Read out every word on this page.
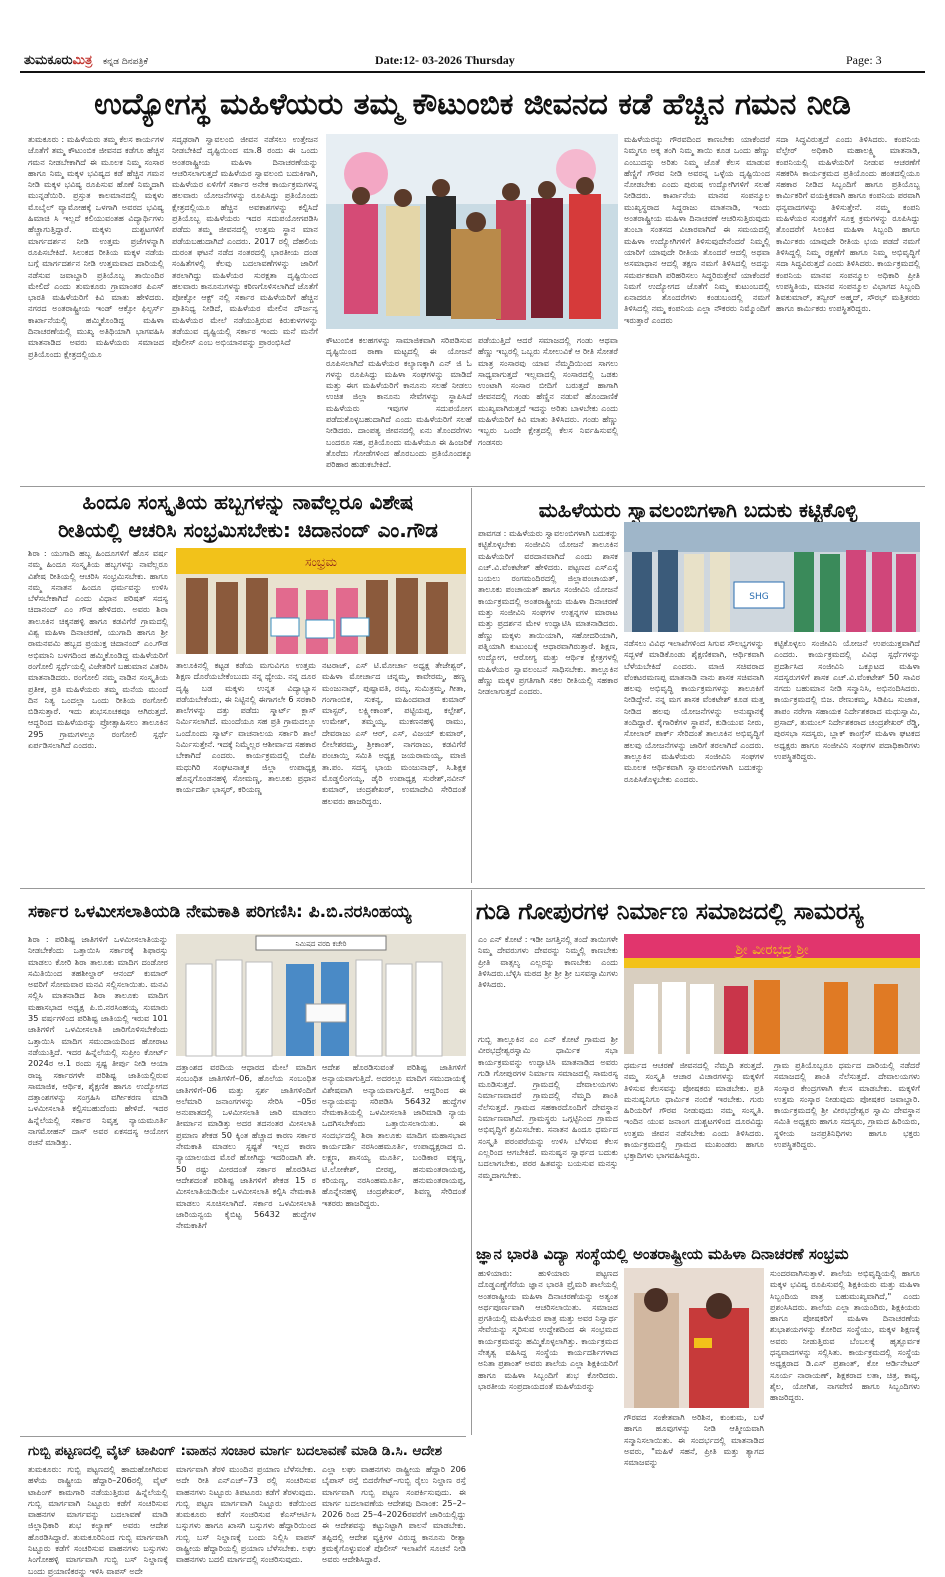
ತುಮಕೂರುಮಿತ್ರ ಕನ್ನಡ ದಿನಪತ್ರಿಕೆ	Date:12- 03-2026 Thursday	Page: 3
ಉದ್ಯೋಗಸ್ಥ ಮಹಿಳೆಯರು ತಮ್ಮ ಕೌಟುಂಬಿಕ ಜೀವನದ ಕಡೆ ಹೆಚ್ಚಿನ ಗಮನ ನೀಡಿ

ತುಮಕೂರು : ಮಹಿಳೆಯರು ತಮ್ಮ ಕೆಲಸ ಕಾರ್ಯಗಳ ಜೊತೆಗೆ ತಮ್ಮ ಕೌಟುಂಬಿಕ ಜೀವನದ ಕಡೆಗೂ ಹೆಚ್ಚಿನ ಗಮನ ನೀಡಬೇಕಾಗಿದೆ ಈ ಮೂಲಕ ನಿಮ್ಮ ಸಂಸಾರ ಹಾಗೂ ನಿಮ್ಮ ಮಕ್ಕಳ ಭವಿಷ್ಯದ ಕಡೆ ಹೆಚ್ಚಿನ ಗಮನ ನೀಡಿ ಮಕ್ಕಳ ಭವಿಷ್ಯ ರೂಪಿಸುವ ಹೊಣೆ ನಿಮ್ಮದಾಗಿ ಮುನ್ನಡೆಯಿರಿ. ಪ್ರಸ್ತುತ ಕಾಲಮಾನದಲ್ಲಿ ಮಕ್ಕಳು ಮೊಬೈಲ್ ವ್ಯಾಮೋಹಕ್ಕೆ ಒಳಗಾಗಿ ಅವರದ ಭವಿಷ್ಯ ಹಿಮಾಚಿ ಸಿ ಇಲ್ಲದೆ ಕಲಿಯುವಂತಹ ವಿದ್ಯಾರ್ಥಿಗಳು ಹೆಚ್ಚಾಗುತ್ತಿದ್ದಾರೆ. ಮಕ್ಕಳು ದುಶ್ಚಟಗಳಿಗೆ ಮಾರ್ಗದರ್ಶನ ನೀಡಿ ಉತ್ತಮ ಪ್ರಜೆಗಳನ್ನಾಗಿ ರೂಪಿಸಬೇಕಿದೆ. ಸಿಲುಕದ ರೀತಿಯ ಮಕ್ಕಳ ನಡೆಯ ಬಗ್ಗೆ ಮಾರ್ಗದರ್ಶನ ನೀಡಿ ಉತ್ತಮವಾದ ದಾರಿಯಲ್ಲಿ ನಡೆಸುವ ಜವಾಬ್ದಾರಿ ಪ್ರತಿಯೊಬ್ಬ ತಾಯಿಂದಿರ ಮೇಲಿದೆ ಎಂದು ತುಮಕೂರು ಗ್ರಾಮಾಂತರ ಪಿಎಸ್ ಭಾರತಿ ಮಹಿಳೆಯರಿಗೆ ಕಿವಿ ಮಾತು ಹೇಳಿದರು. ನಗರದ ಅಂತರಾಷ್ಟ್ರೀಯ ಇಂಡ್ ಆಕ್ಸೋ ಫಿಲ್ಟರ್ಸ್ ಕಾರ್ಖಾನೆಯಲ್ಲಿ ಹಮ್ಮಿಕೊಂಡಿದ್ದ ಮಹಿಳಾ ದಿನಾಚರಣೆಯಲ್ಲಿ ಮುಖ್ಯ ಅತಿಥಿಯಾಗಿ ಭಾಗವಹಿಸಿ ಮಾತನಾಡಿದ ಅವರು ಮಹಿಳೆಯರು ಸಮಾಜದ ಪ್ರತಿಯೊಂದು ಕ್ಷೇತ್ರದಲ್ಲಿಯೂ

ಸದೃಢರಾಗಿ ಸ್ವಾವಲಂಬಿ ಜೀವನ ನಡೆಸಲು ಉತ್ತೇಜನ ನೀಡಬೇಕಿದೆ ದೃಷ್ಟಿಯಿಂದ ಮಾ.8 ರಂದು ಈ ಒಂದು ಅಂತರಾಷ್ಟ್ರೀಯ ಮಹಿಳಾ ದಿನಾಚರಣೆಯನ್ನು ಆಚರಿಸಲಾಗುತ್ತದೆ ಮಹಿಳೆಯರ ಸ್ವಾವಲಂಬಿ ಬದುಕಿಗಾಗಿ, ಮಹಿಳೆಯರ ಏಳಿಗೆಗೆ ಸರ್ಕಾರ ಅನೇಕ ಕಾರ್ಯಕ್ರಮಗಳನ್ನ ಹಲವಾರು ಯೋಜನೆಗಳನ್ನು ರೂಪಿಸಿದ್ದು ಪ್ರತಿಯೊಂದು ಕ್ಷೇತ್ರದಲ್ಲಿಯೂ ಹೆಚ್ಚಿನ ಅವಕಾಶಗಳನ್ನು ಕಲ್ಪಿಸಿದೆ ಪ್ರತಿಯೊಬ್ಬ ಮಹಿಳೆಯರು ಇದರ ಸದುಪಯೋಗಪಡಿಸಿ ಪಡೆದು ತಮ್ಮ ಜೀವನದಲ್ಲಿ ಉತ್ತಮ ಸ್ಥಾನ ಮಾನ ಪಡೆಯಬಹುದಾಗಿದೆ ಎಂದರು. 2017 ರಲ್ಲಿ ದೆಹಲಿಯ ದುರಂತ ಘಟನೆ ನಡೆದ ನಂತರದಲ್ಲಿ ಭಾರತೀಯ ದಂಡ ಸಂಹಿತೆಗಳಲ್ಲಿ ಕೆಲವು ಬದಲಾವಣೆಗಳನ್ನು ಜಾರಿಗೆ ತರಲಾಗಿದ್ದು ಮಹಿಳೆಯರ ಸುರಕ್ಷತಾ ದೃಷ್ಟಿಯಿಂದ ಹಲವಾರು ಕಾನೂನುಗಳನ್ನು ಕಠಿಣಗೊಳಿಸಲಾಗಿದೆ ಜೊತೆಗೆ ಪೋಕ್ಸೋ ಆಕ್ಟ್ ನಲ್ಲಿ ಸರ್ಕಾರ ಮಹಿಳೆಯರಿಗೆ ಹೆಚ್ಚಿನ ಪ್ರಾತಿನಿಧ್ಯ ನೀಡಿದೆ, ಮಹಿಳೆಯರ ಮೇಲಿನ ದೌರ್ಜನ್ಯ ಮಹಿಳೆಯರ ಮೇಲೆ ನಡೆಯುತ್ತಿರುವ ಕಿರುಕುಳಗಳನ್ನು ತಡೆಯುವ ದೃಷ್ಟಿಯಲ್ಲಿ ಸರ್ಕಾರ ಇಂದು ಮನೆ ಮನೆಗೆ ಪೊಲೀಸ್ ಎಂಬ ಅಭಿಯಾನವನ್ನು ಪ್ರಾರಂಭಿಸಿದೆ	ಕೌಟುಂಬಿಕ ಕಲಹಗಳನ್ನು ಸಾಮಾಜಿಕವಾಗಿ ಸರಿಪಡಿಸುವ ದೃಷ್ಟಿಯಿಂದ ಠಾಣಾ ಮಟ್ಟದಲ್ಲಿ ಈ ಯೋಜನೆ ರೂಪಿಸಲಾಗಿದೆ ಮಹಿಳೆಯರ ಕಲ್ಯಾಣಕ್ಕಾಗಿ ಎನ್ ಜಿ ಓ ಗಳನ್ನು ರೂಪಿಸಿದ್ದು ಮಹಿಳಾ ಸಂಘಗಳನ್ನು ಮಾಡಿದೆ ಮತ್ತು ಈಗ ಮಹಿಳೆಯರಿಗೆ ಕಾನೂನು ಸಲಹೆ ನೀಡಲು ಉಚಿತ ಜಿಲ್ಲಾ ಕಾನೂನು ಸೇವೆಗಳನ್ನು ಸ್ಥಾಪಿಸಿದೆ ಮಹಿಳೆಯರು ಇವುಗಳ ಸದುಪಯೋಗ ಪಡೆದುಕೊಳ್ಳಬಹುದಾಗಿದೆ ಎಂದು ಮಹಿಳೆಯರಿಗೆ ಸಲಹೆ ನೀಡಿದರು. ದಾಂಪತ್ಯ ಜೀವನದಲ್ಲಿ ಏನು ತೊಂದರೆಗಳು ಬಂದರೂ ಸಹ, ಪ್ರತಿಯೊಂದು ಮಹಿಳೆಯೂ ಈ ಹಿಂಜರಿಕೆ ತೊರೆದು ಗೋಡೆಗಳಿಂದ ಹೊರಬಂದು ಪ್ರತಿಯೊಂದಕ್ಕೂ ಪರಿಹಾರ ಹುಡುಕಬೇಕಿದೆ.

ಪಡೆಯುತ್ತಿದೆ ಆದರೆ ಸಮಾಜದಲ್ಲಿ ಗಂಡು ಆಥವಾ ಹೆಣ್ಣು ಇಬ್ಬರಲ್ಲಿ ಒಬ್ಬರು ಸೋಲುವಿಕೆ ಆ ರೀತಿ ಸೋತರೆ ಮಾತ್ರ ಸಂಸಾರವು ಯಾವ ನೆಮ್ಮದಿಯಿಂದ ಸಾಗಲು ಸಾಧ್ಯವಾಗುತ್ತದೆ ಇಲ್ಲವಾದಲ್ಲಿ ಸಂಸಾರದಲ್ಲಿ ಒಡಕು ಉಂಟಾಗಿ ಸಂಸಾರ ಬೀದಿಗೆ ಬರುತ್ತದೆ ಹಾಗಾಗಿ ಜೀವನದಲ್ಲಿ ಗಂಡು ಹೆಣ್ಣಿನ ನಡುವೆ ಹೊಂದಾಣಿಕೆ ಮುಖ್ಯವಾಗಿರುತ್ತದೆ ಇದನ್ನು ಅರಿತು ಬಾಳಬೇಕು ಎಂದು ಮಹಿಳೆಯರಿಗೆ ಕಿವಿ ಮಾತು ತಿಳಿಸಿದರು. ಗಂಡು ಹೆಣ್ಣು ಇಬ್ಬರು ಒಂದೇ ಕ್ಷೇತ್ರದಲ್ಲಿ ಕೆಲಸ ನಿರ್ವಹಿಸುವಲ್ಲಿ ಗಂಡಸರು

ಮಹಿಳೆಯರನ್ನು ಗೌರವದಿಂದ ಕಾಣಬೇಕು ಯಾಕೆಂದರೆ ನಿಮ್ಮಗೂ ಅಕ್ಕ ತಂಗಿ ನಿಮ್ಮ ತಾಯಿ ಕೂಡ ಒಂದು ಹೆಣ್ಣು ಎಂಬುದನ್ನು ಅರಿತು ನಿಮ್ಮ ಜೊತೆ ಕೆಲಸ ಮಾಡುವ ಹೆಣ್ಣಿಗೆ ಗೌರವ ನೀಡಿ ಅವರನ್ನ ಒಳ್ಳೆಯ ದೃಷ್ಟಿಯಿಂದ ನೋಡಬೇಕು ಎಂದು ಪುರುಷ ಉದ್ಯೋಗಿಗಳಿಗೆ ಸಲಹೆ ನೀಡಿದರು. ಕಾರ್ಖಾನೆಯ ಮಾನವ ಸಂಪನ್ಮೂಲ ಮುಖ್ಯಸ್ಥರಾದ ಸಿದ್ದರಾಜು ಮಾತನಾಡಿ, ಇಂದು ಅಂತರಾಷ್ಟ್ರೀಯ ಮಹಿಳಾ ದಿನಾಚರಣೆ ಆಚರಿಸುತ್ತಿರುವುದು ತುಂಬಾ ಸಂತಸದ ವಿಚಾರವಾಗಿದೆ ಈ ಸಮಯದಲ್ಲಿ ಮಹಿಳಾ ಉದ್ಯೋಗಿಗಳಿಗೆ ತಿಳಿಸುವುದೇನೆಂದರೆ ನಿಮ್ಮಲ್ಲಿ ಯಾರಿಗೆ ಯಾವುದೇ ರೀತಿಯ ತೊಂದರೆ ಆದಲ್ಲಿ ಅಥವಾ ಅಸಮಾಧಾನ ಆದಲ್ಲಿ ತಕ್ಷಣ ನಮಗೆ ತಿಳಿಸಿದಲ್ಲಿ ಅದನ್ನು ಸಮರ್ಪಕವಾಗಿ ಪರಿಹರಿಸಲು ಸಿದ್ಧರಿರುತ್ತೇವೆ ಯಾಕೆಂದರೆ ನಿಮಗೆ ಉದ್ಯೋಗದ ಜೊತೆಗೆ ನಿಮ್ಮ ಕುಟುಂಬದಲ್ಲಿ ಏನಾದರೂ ತೊಂದರೆಗಳು ಕಂಡುಬಂದಲ್ಲಿ ನಮಗೆ ತಿಳಿಸಿದಲ್ಲಿ ನಮ್ಮ ಕಂಪನಿಯ ಎಲ್ಲಾ ನೌಕರರು ನಿಮ್ಮೊಂದಿಗೆ ಇರುತ್ತಾರೆ ಎಂದರು

ಸದಾ ಸಿದ್ಧವಿರುತ್ತದೆ ಎಂದು ತಿಳಿಸಿದರು. ಕಂಪನಿಯ ವೆಲ್ಫೇರ್ ಅಧಿಕಾರಿ ಮಹಾಲಕ್ಷ್ಮಿ ಮಾತನಾಡಿ, ಕಂಪನಿಯಲ್ಲಿ ಮಹಿಳೆಯರಿಗೆ ನೀಡುವ ಆಚರಣೆಗೆ ಸಹಕರಿಸಿ ಕಾರ್ಯಕ್ರಮದ ಪ್ರತಿಯೊಂದು ಹಂತದಲ್ಲಿಯೂ ಸಹಕಾರ ನೀಡಿದ ಸಿಬ್ಬಂದಿಗೆ ಹಾಗೂ ಪ್ರತಿಯೊಬ್ಬ ಕಾರ್ಮಿಕರಿಗೆ ವಯಕ್ತಿಕವಾಗಿ ಹಾಗೂ ಕಂಪನಿಯ ಪರವಾಗಿ ಧನ್ಯವಾದಗಳನ್ನು ತಿಳಿಸುತ್ತೇನೆ. ನಮ್ಮ ಕಂಪನಿ ಮಹಿಳೆಯರ ಸುರಕ್ಷತೆಗೆ ಸೂಕ್ತ ಕ್ರಮಗಳನ್ನು ರೂಪಿಸಿದ್ದು ತೊಂದರೆಗೆ ಸಿಲುಕಿದ ಮಹಿಳಾ ಸಿಬ್ಬಂದಿ ಹಾಗೂ ಕಾರ್ಮಿಕರು ಯಾವುದೇ ರೀತಿಯ ಭಯ ಪಡದೆ ನಮಗೆ ತಿಳಿಸಿದ್ದಲ್ಲಿ ನಿಮ್ಮ ರಕ್ಷಣೆಗೆ ಹಾಗೂ ನಿಮ್ಮ ಅಭಿವೃದ್ಧಿಗೆ ಸದಾ ಸಿದ್ಧವಿರುತ್ತದೆ ಎಂದು ತಿಳಿಸಿದರು. ಕಾರ್ಯಕ್ರಮದಲ್ಲಿ ಕಂಪನಿಯ ಮಾನವ ಸಂಪನ್ಮೂಲ ಅಧಿಕಾರಿ ಪ್ರೀತಿ ಉಪಸ್ಥಿತಿಯ, ಮಾನವ ಸಂಪನ್ಮೂಲ ವಿಭಾಗದ ಸಿಬ್ಬಂದಿ ಶಿವಕುಮಾರ್, ತನ್ವೀರ್ ಅಹ್ಮದ್, ಸೌರಭ್ ಮತ್ತಿತರರು ಹಾಗೂ ಕಾರ್ಮಿಕರು ಉಪಸ್ಥಿತರಿದ್ದರು.

ಹಿಂದೂ ಸಂಸ್ಕೃತಿಯ ಹಬ್ಬಗಳನ್ನು ನಾವೆಲ್ಲರೂ ವಿಶೇಷ
ರೀತಿಯಲ್ಲಿ ಆಚರಿಸಿ ಸಂಭ್ರಮಿಸಬೇಕು: ಚಿದಾನಂದ್ ಎಂ.ಗೌಡ

ಶಿರಾ : ಯುಗಾದಿ ಹಬ್ಬ ಹಿಂದೂಗಳಿಗೆ ಹೊಸ ವರ್ಷ ನಮ್ಮ ಹಿಂದೂ ಸಂಸ್ಕೃತಿಯ ಹಬ್ಬಗಳನ್ನು ನಾವೆಲ್ಲರೂ ವಿಶೇಷ ರೀತಿಯಲ್ಲಿ ಆಚರಿಸಿ ಸಂಭ್ರಮಿಸಬೇಕು. ಹಾಗೂ ನಮ್ಮ ಸನಾತನ ಹಿಂದೂ ಧರ್ಮವನ್ನು ಉಳಿಸಿ ಬೆಳೆಸಬೇಕಾಗಿದೆ ಎಂದು ವಿಧಾನ ಪರಿಷತ್ ಸದಸ್ಯ ಚಿದಾನಂದ್ ಎಂ ಗೌಡ ಹೇಳಿದರು. ಅವರು ಶಿರಾ ತಾಲೂಕಿನ ಚಿಕ್ಕನಹಳ್ಳಿ ಹಾಗೂ ಕಡವಿಗೆರೆ ಗ್ರಾಮದಲ್ಲಿ ವಿಶ್ವ ಮಹಿಳಾ ದಿನಾಚರಣೆ, ಯುಗಾದಿ ಹಾಗೂ ಶ್ರೀ ರಾಮನವಮಿ ಹಬ್ಬದ ಪ್ರಯುಕ್ತ ಚಿದಾನಂದ್ ಎಂ.ಗೌಡ ಅಭಿಮಾನಿ ಬಳಗದಿಂದ ಹಮ್ಮಿಕೊಂಡಿದ್ದ ಮಹಿಳೆಯರಿಗೆ ರಂಗೋಲಿ ಸ್ಪರ್ಧೆಯಲ್ಲಿ ವಿಜೇತರಿಗೆ ಬಹುಮಾನ ವಿತರಿಸಿ ಮಾತನಾಡಿದರು. ರಂಗೋಲಿ ನಮ್ಮ ನಾಡಿನ ಸಂಸ್ಕೃತಿಯ ಪ್ರತೀಕ, ಪ್ರತಿ ಮಹಿಳೆಯರು ತಮ್ಮ ಮನೆಯ ಮುಂದೆ ದಿನ ನಿತ್ಯ ಒಂದಲ್ಲಾ ಒಂದು ರೀತಿಯ ರಂಗೋಲಿ ಬಿಡಿಸುತ್ತಾರೆ. ಇದು ಶುಭಸೂಚಕವೂ ಆಗಿರುತ್ತದೆ. ಆದ್ದರಿಂದ ಮಹಿಳೆಯರನ್ನು ಪ್ರೋತ್ಸಾಹಿಸಲು ತಾಲೂಕಿನ 295 ಗ್ರಾಮಗಳಲ್ಲೂ ರಂಗೋಲಿ ಸ್ಪರ್ಧೆ ಏರ್ಪಡಿಸಲಾಗಿದೆ ಎಂದರು.

ಸಂಭ್ರಮ

ತಾಲೂಕಿನಲ್ಲಿ ಕಟ್ಟಡ ಕಡೆಯ ಮಗುವಿಗೂ ಉತ್ತಮ ಶಿಕ್ಷಣ ದೊರೆಯಬೇಕೆಂಬುದು ನನ್ನ ಧ್ಯೇಯ. ನನ್ನ ದೂರ ದೃಷ್ಟಿ ಬಡ ಮಕ್ಕಳು ಉನ್ನತ ವಿದ್ಯಾಭ್ಯಾಸ ಪಡೆಯಬೇಕೆಂದು, ಈ ನಿಟ್ಟಿನಲ್ಲಿ ಈಗಾಗಲೇ 6 ಸರಕಾರಿ ಶಾಲೆಗಳನ್ನು ದತ್ತು ಪಡೆದು ಸ್ಮಾರ್ಟ್ ಕ್ಲಾಸ್ ನಿರ್ಮಿಸಲಾಗಿದೆ. ಮುಂದೆಯೂ ಸಹ ಪ್ರತಿ ಗ್ರಾಮದಲ್ಲೂ ಒಂದೊಂದು ಸ್ಮಾರ್ಟ್ ವಾಚನಾಲಯ ಸರ್ಕಾರಿ ಶಾಲೆ ನಿರ್ಮಿಸುತ್ತೇನೆ. ಇದಕ್ಕೆ ನಿಮ್ಮೆಲ್ಲರ ಆಶೀರ್ವಾದ ಸಹಕಾರ ಬೇಕಾಗಿದೆ ಎಂದರು. ಕಾರ್ಯಕ್ರಮದಲ್ಲಿ ಬಿಜೆಪಿ ಮಧುಗಿರಿ ಸಂಘಟನಾತ್ಮಕ ಜಿಲ್ಲಾ ಉಪಾಧ್ಯಕ್ಷ ಹೊನ್ನಗೊಂಡನಹಳ್ಳಿ ಸೋಮಣ್ಣ, ತಾಲೂಕು ಪ್ರಧಾನ ಕಾರ್ಯದರ್ಶಿ ಭಾಸ್ಕರ್, ಕರಿಯಣ್ಣ

ನಟರಾಜ್, ಎಸ್ ಟಿ.ಮೋರ್ಚಾ ಅಧ್ಯಕ್ಷ ತೇಜೇಶ್ವರ್, ಮಹಿಳಾ ಮೋರ್ಚಾದ ಚನ್ನಮ್ಮ, ಕಾವೇರಮ್ಮ, ಹಣ್ಣ ಮಂಜುನಾಥ್, ಪುಷ್ಪಾವತಿ, ರಮ್ಯ, ಸುಮಿತ್ರಮ್ಮ, ಗೀತಾ, ಗಂಗಾಂಬಿಕ, ಸುಕನ್ಯ, ಮಹಿಂದವಾಡ ಕುಮಾರ್ ಮಾಸ್ಟರ್, ಲಕ್ಷ್ಮೀಕಾಂತ್, ಪಟ್ಟಿಯಪ್ಪ, ಕಲ್ಪೇಶ್, ಉಮೇಶ್, ತಮ್ಮಯ್ಯ, ಮುಕಣನಹಳ್ಳಿ ರಾಮು, ದೇವರಾಜು ಎಸ್ ಆರ್, ಎಸ್, ವಿಜಯ್ ಕುಮಾರ್, ಲೀಲೇಶರಮ್ಮ, ಶ್ರೀಕಾಂತ್, ನಾಗರಾಜು, ಕಡವಿಗೆರೆ ಪಂಚಾಯ್ತಿ ಸಮಿತಿ ಅಧ್ಯಕ್ಷ ಜಯರಾಮಯ್ಯ, ಮಾಜಿ ತಾ.ಪಂ. ಸದಸ್ಯ ಭಾಯ ಮಂಜುನಾಥ್, ಸಿ.ಶಿಕ್ಷಕ ಮೊಡ್ಡಲಿಂಗಯ್ಯ, ಡೈರಿ ಉಪಾಧ್ಯಕ್ಷ ಸುರೇಶ್,ನವೀನ್ ಕುಮಾರ್, ಚಂದ್ರಶೇಖರ್, ಉಮಾದೇವಿ ಸೇರಿದಂತೆ ಹಲವರು ಹಾಜರಿದ್ದರು.

ಮಹಿಳೆಯರು ಸ್ವಾವಲಂಬಿಗಳಾಗಿ ಬದುಕು ಕಟ್ಟಿಕೊಳ್ಳಿ

ಪಾವಗಡ : ಮಹಿಳೆಯರು ಸ್ವಾವಲಂಬಿಗಳಾಗಿ ಬದುಕನ್ನು ಕಟ್ಟಿಕೊಳ್ಳಬೇಕು ಸಂಜೀವಿನಿ ಯೋಜನೆ ತಾಲೂಕಿನ ಮಹಿಳೆಯರಿಗೆ ವರದಾನವಾಗಿದೆ ಎಂದು ಶಾಸಕ ಎಚ್.ವಿ.ವೆಂಕಟೇಶ್ ಹೇಳಿದರು. ಪಟ್ಟಣದ ಎಸ್ಎಸ್ಕೆ ಬಯಲು ರಂಗಮಂದಿರದಲ್ಲಿ ಜಿಲ್ಲಾಪಂಚಾಯತ್, ತಾಲೂಕು ಪಂಚಾಯತ್ ಹಾಗೂ ಸಂಜೀವಿನಿ ಯೋಜನೆ ಕಾರ್ಯಕ್ರಮದಲ್ಲಿ ಅಂತರಾಷ್ಟ್ರೀಯ ಮಹಿಳಾ ದಿನಾಚರಣೆ ಮತ್ತು ಸಂಜೀವಿನಿ ಸಂಘಗಳ ಉತ್ಪನ್ನಗಳ ಮಾರಾಟ ಮತ್ತು ಪ್ರದರ್ಶನ ಮೇಳ ಉದ್ಘಾಟಿಸಿ ಮಾತನಾಡಿದರು. ಹೆಣ್ಣು ಮಕ್ಕಳು ತಾಯಿಯಾಗಿ, ಸಹೋದರಿಯಾಗಿ, ಪತ್ನಿಯಾಗಿ ಕುಟುಂಬಕ್ಕೆ ಆಧಾರವಾಗಿರುತ್ತಾರೆ. ಶಿಕ್ಷಣ, ಉದ್ಯೋಗ, ಆರೋಗ್ಯ ಮತ್ತು ಆರ್ಥಿಕ ಕ್ಷೇತ್ರಗಳಲ್ಲಿ ಮಹಿಳೆಯರ ಸ್ವಾವಲಂಬನೆ ಸಾಧಿಸಬೇಕು. ತಾಲ್ಲೂಕಿನ ಹೆಣ್ಣು ಮಕ್ಕಳ ಪ್ರಗತಿಗಾಗಿ ಸಕಲ ರೀತಿಯಲ್ಲಿ ಸಹಕಾರ ನೀಡಲಾಗುತ್ತದೆ ಎಂದರು.

SHG

ನಡೆಸಲು ವಿವಿಧ ಇಲಾಖೆಗಳಿಂದ ಸಿಗುವ ಸೌಲಭ್ಯಗಳನ್ನು ಸದ್ಬಳಕೆ ಮಾಡಿಕೊಂಡು ಶೈಕ್ಷಣಿಕವಾಗಿ, ಆರ್ಥಿಕವಾಗಿ ಬೆಳೆಯಬೇಕಿದೆ ಎಂದರು. ಮಾಜಿ ಸಚಿವರಾದ ವೆಂಕಟರಮಣಪ್ಪ ಮಾತನಾಡಿ ನಾನು ಶಾಸಕ ಸಚಿವನಾಗಿ ಹಲವು ಅಭಿವೃದ್ಧಿ ಕಾರ್ಯಕ್ರಮಗಳನ್ನು ತಾಲೂಕಿಗೆ ನೀಡಿದ್ದೇನೆ. ನನ್ನ ಮಗ ಶಾಸಕ ವೆಂಕಟೇಶ್ ಕೂಡ ಮತ್ತ ನೀಡಿದ ಹಲವು ಯೋಜನೆಗಳನ್ನು ಅನುಷ್ಠಾನಕ್ಕೆ ತಂದಿದ್ದಾರೆ. ಕೈಗಾರಿಕೆಗಳ ಸ್ಥಾಪನೆ, ಕುಡಿಯುವ ನೀರು, ಸೋಲಾರ್ ಪಾರ್ಕ್ ಸೇರಿದಂತೆ ತಾಲೂಕಿನ ಅಭಿವೃದ್ಧಿಗೆ ಹಲವು ಯೋಜನೆಗಳನ್ನು ಜಾರಿಗೆ ತರಲಾಗಿದೆ ಎಂದರು. ತಾಲ್ಲೂಕಿನ ಮಹಿಳೆಯರು ಸಂಜೀವಿನಿ ಸಂಘಗಳ ಮೂಲಕ ಆರ್ಥಿಕವಾಗಿ ಸ್ವಾವಲಂಬಿಗಳಾಗಿ ಬದುಕನ್ನು ರೂಪಿಸಿಕೊಳ್ಳಬೇಕು ಎಂದರು.

ಕಟ್ಟಿಕೊಳ್ಳಲು ಸಂಜೀವಿನಿ ಯೋಜನೆ ಉಪಯುಕ್ತವಾಗಿದೆ ಎಂದರು. ಕಾರ್ಯಕ್ರಮದಲ್ಲಿ ವಿವಿಧ ಸ್ಪರ್ಧೆಗಳನ್ನು ಪ್ರದರ್ಶಿಸಿದ ಸಂಜೀವಿನಿ ಒಕ್ಕೂಟದ ಮಹಿಳಾ ಸದಸ್ಯರುಗಳಿಗೆ ಶಾಸಕ ಎಚ್.ವಿ.ವೆಂಕಟೇಶ್ 50 ಸಾವಿರ ನಗದು ಬಹುಮಾನ ನೀಡಿ ಸನ್ಮಾನಿಸಿ, ಅಭಿನಂದಿಸಿದರು. ಕಾರ್ಯಕ್ರಮದಲ್ಲಿ ಬಿಜ. ರೇಣುಕಮ್ಮ, ಸಿಡಿಪಿಒ ಸುಜಾತ, ತಾಪಂ ನರೇಗಾ ಸಹಾಯಕ ನಿರ್ದೇಶಕರಾದ ಮಧುಸ್ವಾಮಿ, ಪ್ರಸಾದ್, ತುಮುಲ್ ನಿರ್ದೇಶಕರಾದ ಚಂದ್ರಶೇಖರ್ ರೆಡ್ಡಿ, ಪುರಸಭಾ ಸದಸ್ಯರು, ಬ್ಲಾಕ್ ಕಾಂಗ್ರೆಸ್ ಮಹಿಳಾ ಘಟಕದ ಅಧ್ಯಕ್ಷರು ಹಾಗೂ ಸಂಜೀವಿನಿ ಸಂಘಗಳ ಪದಾಧಿಕಾರಿಗಳು ಉಪಸ್ಥಿತರಿದ್ದರು.

ಸರ್ಕಾರ ಒಳಮೀಸಲಾತಿಯಡಿ ನೇಮಕಾತಿ ಪರಿಗಣಿಸಿ: ಪಿ.ಬಿ.ನರಸಿಂಹಯ್ಯ

ಶಿರಾ : ಪರಿಶಿಷ್ಟ ಜಾತಿಗಳಿಗೆ ಒಳಮೀಸಲಾತಿಯನ್ನು ನೀಡಬೇಕೆಂದು ಒತ್ತಾಯಿಸಿ ಸರ್ಕಾರಕ್ಕೆ ಶಿಫಾರಸ್ಸು ಮಾಡಲು ಕೋರಿ ಶಿರಾ ತಾಲೂಕು ಮಾದಿಗ ದಂಡೋರ ಸಮಿತಿಯಿಂದ ತಹಶೀಲ್ದಾರ್ ಆನಂದ್ ಕುಮಾರ್ ಅವರಿಗೆ ಸೋಮವಾರ ಮನವಿ ಸಲ್ಲಿಸಲಾಯಿತು. ಮನವಿ ಸಲ್ಲಿಸಿ ಮಾತನಾಡಿದ ಶಿರಾ ತಾಲೂಕು ಮಾದಿಗ ಮಹಾಸಭಾದ ಅಧ್ಯಕ್ಷ ಪಿ.ಬಿ.ನರಸಿಂಹಯ್ಯ ಸುಮಾರು 35 ವರ್ಷಗಳಿಂದ ಪರಿಶಿಷ್ಟ ಜಾತಿಯಲ್ಲಿ ಇರುವ 101 ಜಾತಿಗಳಿಗೆ ಒಳಮೀಸಲಾತಿ ಜಾರಿಗೊಳಿಸಬೇಕೆಂದು ಒತ್ತಾಯಿಸಿ ಮಾದಿಗ ಸಮುದಾಯದಿಂದ ಹೋರಾಟ ನಡೆಯುತ್ತಿದೆ. ಇದರ ಹಿನ್ನೆಲೆಯಲ್ಲಿ ಸುಪ್ರೀಂ ಕೋರ್ಟ್ 2024ರ ಆ.1 ರಂದು ಸ್ಪಷ್ಟ ತೀರ್ಪು ನೀಡಿ ಆಯಾ ರಾಜ್ಯ ಸರ್ಕಾರಗಳೇ ಪರಿಶಿಷ್ಟ ಜಾತಿಯಲ್ಲಿರುವ ಸಾಮಾಜಿಕ, ಆರ್ಥಿಕ, ಶೈಕ್ಷಣಿಕ ಹಾಗೂ ಉದ್ಯೋಗದ ದತ್ತಾಂಶಗಳನ್ನು ಸಂಗ್ರಹಿಸಿ ವರ್ಗೀಕರಣ ಮಾಡಿ ಒಳಮೀಸಲಾತಿ ಕಲ್ಪಿಸಬಹುದೆಂದು ಹೇಳಿದೆ. ಇದರ ಹಿನ್ನೆಲೆಯಲ್ಲಿ ಸರ್ಕಾರ ನಿವೃತ್ತ ನ್ಯಾಯಮೂರ್ತಿ ನಾಗಮೋಹನ್ ದಾಸ್ ಅವರ ಏಕಸದಸ್ಯ ಆಯೋಗ ರಚನೆ ಮಾಡಿತ್ತು.

ನಿಮಿಷದ ವರದಿ ಕಚೇರಿ

ದತ್ತಾಂಶದ ವರದಿಯ ಆಧಾರದ ಮೇಲೆ ಮಾದಿಗ ಸಂಬಂಧಿತ ಜಾತಿಗಳಿಗೆ–06, ಹೊಲೆಯ ಸಂಬಂಧಿತ ಜಾತಿಗಳಿಗೆ–06 ಮತ್ತು ಸ್ಪರ್ಶ ಜಾತಿಗಳಿಂದಿಗೆ ಅಲೆಮಾರಿ ಜನಾಂಗಗಳನ್ನು ಸೇರಿಸಿ –05ರ ಅನುಪಾತದಲ್ಲಿ ಒಳಮೀಸಲಾತಿ ಜಾರಿ ಮಾಡಲು ತೀರ್ಮಾನ ಮಾಡಿತ್ತು ಅದರ ತದನಂತರ ಮೀಸಲಾತಿ ಪ್ರಮಾಣ ಶೇಕಡ 50 ಕ್ಕಿಂತ ಹೆಚ್ಚಾದ ಕಾರಣ ಸರ್ಕಾರ ನೇಮಕಾತಿ ಮಾಡಲು ಸ್ಪಷ್ಟತೆ ಇಲ್ಲದ ಕಾರಣ ನ್ಯಾಯಾಲಯದ ಮೊರೆ ಹೋಗಿದ್ದು ಇದರಿಂದಾಗಿ ಶೇ. 50 ರಷ್ಟು ಮೀರದಂತೆ ಸರ್ಕಾರ ಹೊರಡಿಸಿದ ಆದೇಶದಂತೆ ಪರಿಶಿಷ್ಟ ಜಾತಿಗಳಿಗೆ ಶೇಕಡ 15 ರ ಮೀಸಲಾತಿಯಡಿಯೇ ಒಳಮೀಸಲಾತಿ ಕಲ್ಪಿಸಿ ನೇಮಕಾತಿ ಮಾಡಲು ಸೂಚಿಸಲಾಗಿದೆ. ಸರ್ಕಾರ ಒಳಮೀಸಲಾತಿ ಜಾರಿಯನ್ವಯ ಕೈಬಿಟ್ಟ 56432 ಹುದ್ದೆಗಳ ನೇಮಕಾತಿಗೆ

ಆದೇಶ ಹೊರಡಿಸುವಂತೆ ಪರಿಶಿಷ್ಟ ಜಾತಿಗಳಿಗೆ ಅನ್ಯಾಯವಾಗುತ್ತಿದೆ. ಅದರಲ್ಲೂ ಮಾದಿಗ ಸಮುದಾಯಕ್ಕೆ ವಿಶೇಷವಾಗಿ ಅನ್ಯಾಯವಾಗುತ್ತಿದೆ. ಆದ್ದರಿಂದ ಈ ಅನ್ಯಾಯವನ್ನು ಸರಿಪಡಿಸಿ 56432 ಹುದ್ದೆಗಳ ನೇಮಕಾತಿಯಲ್ಲಿ ಒಳಮೀಸಲಾತಿ ಜಾರಿಮಾಡಿ ನ್ಯಾಯ ಒದಗಿಸಬೇಕೆಂದು ಒತ್ತಾಯಿಸಲಾಯಿತು. ಈ ಸಂದರ್ಭದಲ್ಲಿ ಶಿರಾ ತಾಲೂಕು ಮಾದಿಗ ಮಹಾಸಭಾದ ಕಾರ್ಯದರ್ಶಿ ನರಸಿಂಹಮೂರ್ತಿ, ಉಪಾಧ್ಯಕ್ಷರಾದ ಬಿ. ಲಕ್ಷ್ಮಣ, ಶಾಸಯ್ಯ ಮೂರ್ತಿ, ಬಂಡಿಕಾರ ವಕ್ಕಣ್ಣ, ಟಿ.ಲೋಕೇಶ್, ಬೀರಪ್ಪ, ಹನುಮಂತರಾಯಪ್ಪ, ಕರಿಯಣ್ಣ, ನರಸಿಂಹಮೂರ್ತಿ, ಹನುಮಂತರಾಯಪ್ಪ, ಹೊನ್ನೇನಹಳ್ಳಿ ಚಂದ್ರಶೇಖರ್, ಶಿವಣ್ಣ ಸೇರಿದಂತೆ ಇತರರು ಹಾಜರಿದ್ದರು.

ಗುಡಿ ಗೋಪುರಗಳ ನಿರ್ಮಾಣ ಸಮಾಜದಲ್ಲಿ ಸಾಮರಸ್ಯ

ಎಂ ಎನ್ ಕೋಟೆ : ಇಡೀ ಜಗತ್ತಿನಲ್ಲಿ ತಂದೆ ತಾಯಿಗಳೇ ನಿಮ್ಮ ದೇವರುಗಳು ದೇವರನ್ನು ನಿಮ್ಮಲ್ಲಿ ಕಾಣಬೇಕು ಪ್ರೀತಿ ವಾತ್ಸಲ್ಯ ಎಲ್ಲರನ್ನು ಕಾಣಬೇಕು ಎಂದು ತಿಳಿಸಿದರು.ಬೆಳ್ಳಿಸಿ ಮಠದ ಶ್ರೀ ಶ್ರೀ ಶ್ರೀ ಬಸವಸ್ವಾಮಿಗಳು ತಿಳಿಸಿದರು.

ಶ್ರೀ ವೀರಭದ್ರ ಶ್ರೀ

ಗುಬ್ಬಿ ತಾಲ್ಲೂಕಿನ ಎಂ ಎನ್ ಕೋಟೆ ಗ್ರಾಮದ ಶ್ರೀ ವೀರಭದ್ರೇಶ್ವರಸ್ವಾಮಿ ಧಾರ್ಮಿಕ ಸಭಾ ಕಾರ್ಯಕ್ರಮವನ್ನು ಉದ್ಘಾಟಿಸಿ ಮಾತನಾಡಿದ ಅವರು ಗುಡಿ ಗೋಪುರಗಳ ನಿರ್ಮಾಣ ಸಮಾಜದಲ್ಲಿ ಸಾಮರಸ್ಯ ಮೂಡಿಸುತ್ತದೆ. ಗ್ರಾಮದಲ್ಲಿ ದೇವಾಲಯಗಳು ನಿರ್ಮಾಣವಾದರೆ ಗ್ರಾಮದಲ್ಲಿ ನೆಮ್ಮದಿ ಶಾಂತಿ ನೆಲೆಸುತ್ತದೆ. ಗ್ರಾಮದ ಸಹಕಾರದೊಂದಿಗೆ ದೇವಸ್ಥಾನ ನಿರ್ಮಾಣವಾಗಿದೆ. ಗ್ರಾಮಸ್ಥರು ಒಗ್ಗಟ್ಟಿನಿಂದ ಗ್ರಾಮದ ಅಭಿವೃದ್ಧಿಗೆ ಶ್ರಮಿಸಬೇಕು. ಸನಾತನ ಹಿಂದೂ ಧರ್ಮದ ಸಂಸ್ಕೃತಿ ಪರಂಪರೆಯನ್ನು ಉಳಿಸಿ ಬೆಳೆಸುವ ಕೆಲಸ ಎಲ್ಲರಿಂದ ಆಗಬೇಕಿದೆ. ಮನುಷ್ಯನ ಸ್ವಾರ್ಥದ ಬದುಕು ಬದಲಾಗಬೇಕು, ಪರರ ಹಿತವನ್ನು ಬಯಸುವ ಮನಸ್ಸು ನಮ್ಮದಾಗಬೇಕು.

ಧರ್ಮದ ಆಚರಣೆ ಜೀವನದಲ್ಲಿ ನೆಮ್ಮದಿ ತರುತ್ತದೆ. ನಮ್ಮ ಸಂಸ್ಕೃತಿ ಆಚಾರ ವಿಚಾರಗಳನ್ನು ಮಕ್ಕಳಿಗೆ ತಿಳಿಸುವ ಕೆಲಸವನ್ನು ಪೋಷಕರು ಮಾಡಬೇಕು. ಪ್ರತಿ ಮನುಷ್ಯನಿಗೂ ಧಾರ್ಮಿಕ ನಂಬಿಕೆ ಇರಬೇಕು. ಗುರು ಹಿರಿಯರಿಗೆ ಗೌರವ ನೀಡುವುದು ನಮ್ಮ ಸಂಸ್ಕೃತಿ. ಇಂದಿನ ಯುವ ಜನಾಂಗ ದುಶ್ಚಟಗಳಿಂದ ದೂರವಿದ್ದು ಉತ್ತಮ ಜೀವನ ನಡೆಸಬೇಕು ಎಂದು ತಿಳಿಸಿದರು. ಕಾರ್ಯಕ್ರಮದಲ್ಲಿ ಗ್ರಾಮದ ಮುಖಂಡರು ಹಾಗೂ ಭಕ್ತಾದಿಗಳು ಭಾಗವಹಿಸಿದ್ದರು.

ಗ್ರಾಮ ಪ್ರತಿಯೊಬ್ಬರೂ ಧರ್ಮದ ದಾರಿಯಲ್ಲಿ ನಡೆದರೆ ಸಮಾಜದಲ್ಲಿ ಶಾಂತಿ ನೆಲೆಸುತ್ತದೆ. ದೇವಾಲಯಗಳು ಸಂಸ್ಕಾರ ಕೇಂದ್ರಗಳಾಗಿ ಕೆಲಸ ಮಾಡಬೇಕು. ಮಕ್ಕಳಿಗೆ ಉತ್ತಮ ಸಂಸ್ಕಾರ ನೀಡುವುದು ಪೋಷಕರ ಜವಾಬ್ದಾರಿ. ಕಾರ್ಯಕ್ರಮದಲ್ಲಿ ಶ್ರೀ ವೀರಭದ್ರೇಶ್ವರ ಸ್ವಾಮಿ ದೇವಸ್ಥಾನ ಸಮಿತಿ ಅಧ್ಯಕ್ಷರು ಹಾಗೂ ಸದಸ್ಯರು, ಗ್ರಾಮದ ಹಿರಿಯರು, ಸ್ಥಳೀಯ ಜನಪ್ರತಿನಿಧಿಗಳು ಹಾಗೂ ಭಕ್ತರು ಉಪಸ್ಥಿತರಿದ್ದರು.

ಜ್ಞಾನ ಭಾರತಿ ವಿದ್ಯಾ ಸಂಸ್ಥೆಯಲ್ಲಿ ಅಂತರಾಷ್ಟ್ರೀಯ ಮಹಿಳಾ ದಿನಾಚರಣೆ ಸಂಭ್ರಮ

ಹುಳಿಯಾರು: ಹುಳಿಯಾರು ಪಟ್ಟಣದ ದೊಡ್ಡಎಣ್ಣೆಗೆರೆಯ ಜ್ಞಾನ ಭಾರತಿ ಪ್ರೈಮರಿ ಶಾಲೆಯಲ್ಲಿ ಅಂತರಾಷ್ಟ್ರೀಯ ಮಹಿಳಾ ದಿನಾಚರಣೆಯನ್ನು ಅತ್ಯಂತ ಅರ್ಥಪೂರ್ಣವಾಗಿ ಆಚರಿಸಲಾಯಿತು. ಸಮಾಜದ ಪ್ರಗತಿಯಲ್ಲಿ ಮಹಿಳೆಯರ ಪಾತ್ರ ಮತ್ತು ಅವರ ನಿಸ್ವಾರ್ಥ ಸೇವೆಯನ್ನು ಸ್ಮರಿಸುವ ಉದ್ದೇಶದಿಂದ ಈ ಸಂಭ್ರಮದ ಕಾರ್ಯಕ್ರಮವನ್ನು ಹಮ್ಮಿಕೊಳ್ಳಲಾಗಿತ್ತು. ಕಾರ್ಯಕ್ರಮದ ನೇತೃತ್ವ ವಹಿಸಿದ್ದ ಸಂಸ್ಥೆಯ ಕಾರ್ಯದರ್ಶಿಗಳಾದ ಅನಿತಾ ಪ್ರಶಾಂತ್ ಅವರು ಶಾಲೆಯ ಎಲ್ಲಾ ಶಿಕ್ಷಕಿಯರಿಗೆ ಹಾಗೂ ಮಹಿಳಾ ಸಿಬ್ಬಂದಿಗೆ ಶುಭ ಕೋರಿದರು. ಭಾರತೀಯ ಸಂಪ್ರದಾಯದಂತೆ ಮಹಿಳೆಯರನ್ನು

ಗೌರವದ ಸಂಕೇತವಾಗಿ ಅರಿಶಿನ, ಕುಂಕುಮ, ಬಳೆ ಹಾಗೂ ಹೂವುಗಳನ್ನು ನೀಡಿ ಆತ್ಮೀಯವಾಗಿ ಸನ್ಮಾನಿಸಲಾಯಿತು. ಈ ಸಂದರ್ಭದಲ್ಲಿ ಮಾತನಾಡಿದ ಅವರು, "ಮಹಿಳೆ ಸಹನೆ, ಪ್ರೀತಿ ಮತ್ತು ತ್ಯಾಗದ ಸಮಾಜವನ್ನು

ಸುಂದರವಾಗಿಸುತ್ತಾಳೆ. ಶಾಲೆಯ ಅಭಿವೃದ್ಧಿಯಲ್ಲಿ ಹಾಗೂ ಮಕ್ಕಳ ಭವಿಷ್ಯ ರೂಪಿಸುವಲ್ಲಿ ಶಿಕ್ಷಕಿಯರು ಮತ್ತು ಮಹಿಳಾ ಸಿಬ್ಬಂದಿಯ ಪಾತ್ರ ಬಹುಮುಖ್ಯವಾಗಿದೆ," ಎಂದು ಪ್ರಶಂಸಿಸಿದರು. ಶಾಲೆಯ ಎಲ್ಲಾ ತಾಯಂದಿರು, ಶಿಕ್ಷಕಿಯರು ಹಾಗೂ ಪೋಷಕರಿಗೆ ಮಹಿಳಾ ದಿನಾಚರಣೆಯ ಶುಭಾಶಯಗಳನ್ನು ಕೋರಿದ ಸಂಸ್ಥೆಯು, ಮಕ್ಕಳ ಶಿಕ್ಷಣಕ್ಕೆ ಅವರು ನೀಡುತ್ತಿರುವ ಬೆಂಬಲಕ್ಕೆ ಹೃತ್ಪೂರ್ವಕ ಧನ್ಯವಾದಗಳನ್ನು ಸಲ್ಲಿಸಿತು. ಕಾರ್ಯಕ್ರಮದಲ್ಲಿ ಸಂಸ್ಥೆಯ ಅಧ್ಯಕ್ಷರಾದ ಡಿ.ಎಸ್ ಪ್ರಶಾಂತ್, ಕೋ ಆರ್ಡಿನೇಟರ್ ಸೂರ್ಯ ನಾರಾಯಣ್, ಶಿಕ್ಷಕರಾದ ಲತಾ, ಚಿತ್ರ, ಕಾವ್ಯ, ಶೈಲ, ಯೋಗಿಶ, ನಾಗವೇಣಿ ಹಾಗೂ ಸಿಬ್ಬಂದಿಗಳು ಹಾಜರಿದ್ದರು.

ಗುಬ್ಬಿ ಪಟ್ಟಣದಲ್ಲಿ ವೈಟ್ ಟಾಪಿಂಗ್ :ವಾಹನ ಸಂಚಾರ ಮಾರ್ಗ ಬದಲಾವಣೆ ಮಾಡಿ ಡಿ.ಸಿ. ಆದೇಶ

ತುಮಕೂರು: ಗುಬ್ಬಿ ಪಟ್ಟಣದಲ್ಲಿ ಹಾದುಹೋಗಿರುವ ಹಳೆಯ ರಾಷ್ಟ್ರೀಯ ಹೆದ್ದಾರಿ–206ರಲ್ಲಿ ವೈಟ್ ಟಾಪಿಂಗ್ ಕಾಮಗಾರಿ ನಡೆಯುತ್ತಿರುವ ಹಿನ್ನೆಲೆಯಲ್ಲಿ ಗುಬ್ಬಿ ಮಾರ್ಗವಾಗಿ ನಿಟ್ಟೂರು ಕಡೆಗೆ ಸಂಚರಿಸುವ ವಾಹನಗಳ ಮಾರ್ಗವನ್ನು ಬದಲಾವಣೆ ಮಾಡಿ ಜಿಲ್ಲಾಧಿಕಾರಿ ಶುಭ ಕಲ್ಯಾಣ್ ಅವರು ಆದೇಶ ಹೊರಡಿಸಿದ್ದಾರೆ. ತುಮಕೂರಿನಿಂದ ಗುಬ್ಬಿ ಮಾರ್ಗವಾಗಿ ನಿಟ್ಟೂರು ಕಡೆಗೆ ಸಂಚರಿಸುವ ವಾಹನಗಳು ಬಸ್ಸುಗಳು ಸಿಂಗೋಹಳ್ಳಿ ಮಾರ್ಗವಾಗಿ ಗುಬ್ಬಿ ಬಸ್ ನಿಲ್ದಾಣಕ್ಕೆ ಬಂದು ಪ್ರಯಾಣಿಕರನ್ನು ಇಳಿಸಿ ವಾಪಸ್ ಅದೇ

ಮಾರ್ಗವಾಗಿ ತೆರಳಿ ಮುಂದಿನ ಪ್ರಯಾಣ ಬೆಳೆಸಬೇಕು. ಅದೇ ರೀತಿ ಎನ್ಎಚ್–73 ರಲ್ಲಿ ಸಂಚರಿಸುವ ವಾಹನಗಳು ನಿಟ್ಟೂರು ತಿಪಟೂರು ಕಡೆಗೆ ತೆರಳುವುದು. ಗುಬ್ಬಿ ಪಟ್ಟಣ ಮಾರ್ಗವಾಗಿ ನಿಟ್ಟೂರು ಕಡೆಯಿಂದ ತುಮಕೂರು ಕಡೆಗೆ ಸಂಚರಿಸುವ ಕೆಎಸ್ಆರ್ಟಿಸಿ ಬಸ್ಸುಗಳು ಹಾಗೂ ಖಾಸಗಿ ಬಸ್ಸುಗಳು ಹೆದ್ದಾರಿಯಿಂದ ಗುಬ್ಬಿ ಬಸ್ ನಿಲ್ದಾಣಕ್ಕೆ ಬಂದು ನಿಲ್ಲಿಸಿ ವಾಪಸ್ ರಾಷ್ಟ್ರೀಯ ಹೆದ್ದಾರಿಯಲ್ಲಿ ಪ್ರಯಾಣ ಬೆಳೆಸಬೇಕು. ಲಘು ವಾಹನಗಳು ಬದಲಿ ಮಾರ್ಗದಲ್ಲಿ ಸಂಚರಿಸುವುದು.

ಎಲ್ಲಾ ಲಘು ವಾಹನಗಳು ರಾಷ್ಟ್ರೀಯ ಹೆದ್ದಾರಿ 206 ಬೈಪಾಸ್ ರಸ್ತೆ ಬಿದರೆಗೇಟ್–ಗುಬ್ಬಿ ರೈಲು ನಿಲ್ದಾಣ ರಸ್ತೆ ಮಾರ್ಗವಾಗಿ ಗುಬ್ಬಿ ಪಟ್ಟಣ ಸಂಪರ್ಕಿಸುವುದು. ಈ ಮಾರ್ಗ ಬದಲಾವಣೆಯ ಆದೇಶವು ದಿನಾಂಕ: 25–2–2026 ರಿಂದ 25–4–2026ರವರೆಗೆ ಜಾರಿಯಲ್ಲಿದ್ದು ಈ ಆದೇಶವನ್ನು ಕಟ್ಟುನಿಟ್ಟಾಗಿ ಪಾಲನೆ ಮಾಡಬೇಕು. ತಪ್ಪಿದಲ್ಲಿ ಆದೇಶ ವ್ಯಕ್ತಿಗಳ ವಿರುದ್ಧ ಕಾನೂನು ರೀತ್ಯಾ ಕ್ರಮಕೈಗೊಳ್ಳುವಂತೆ ಪೊಲೀಸ್ ಇಲಾಖೆಗೆ ಸೂಚನೆ ನೀಡಿ ಅವರು ಆದೇಶಿಸಿದ್ದಾರೆ.
